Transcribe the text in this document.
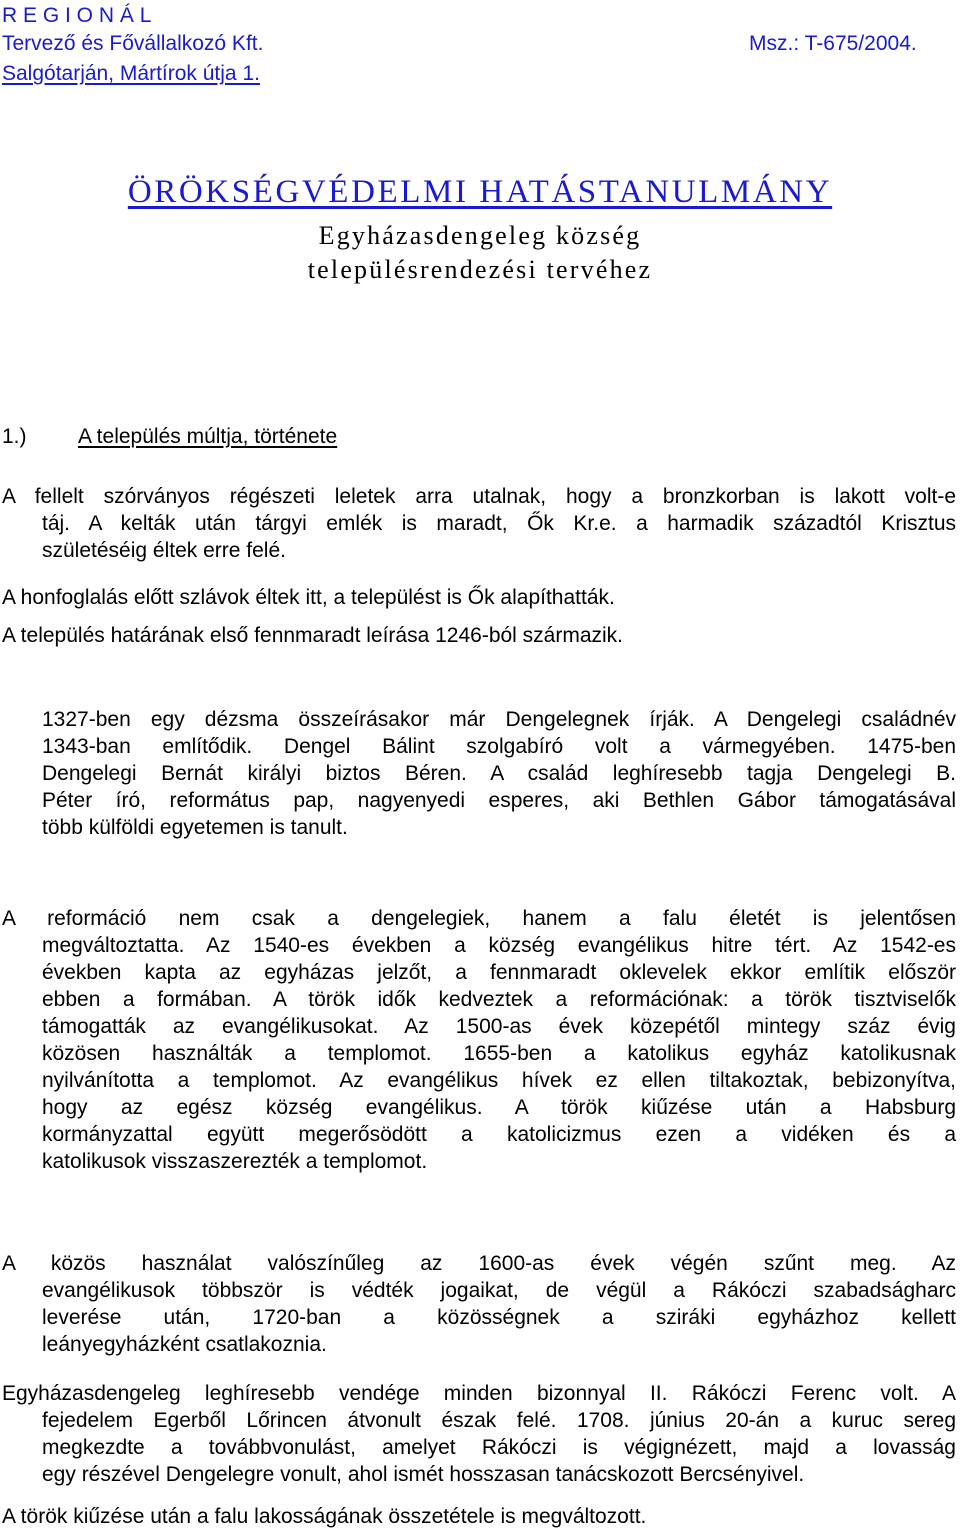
R E G I O N Á L
Tervező és Fővállalkozó Kft.	Msz.: T-675/2004.
Salgótarján, Mártírok útja 1.
ÖRÖKSÉGVÉDELMI HATÁSTANULMÁNY
Egyházasdengeleg község
településrendezési tervéhez
1.) A település múltja, története
A fellelt szórványos régészeti leletek arra utalnak, hogy a bronzkorban is lakott volt-e
táj. A kelták után tárgyi emlék is maradt, Ők Kr.e. a harmadik századtól Krisztus
születéséig éltek erre felé.
A honfoglalás előtt szlávok éltek itt, a települést is Ők alapíthatták.
A település határának első fennmaradt leírása 1246-ból származik.
1327-ben egy dézsma összeírásakor már Dengelegnek írják. A Dengelegi családnév
1343-ban említődik. Dengel Bálint szolgabíró volt a vármegyében. 1475-ben
Dengelegi Bernát királyi biztos Béren. A család leghíresebb tagja Dengelegi B.
Péter író, református pap, nagyenyedi esperes, aki Bethlen Gábor támogatásával
több külföldi egyetemen is tanult.
A reformáció nem csak a dengelegiek, hanem a falu életét is jelentősen
megváltoztatta. Az 1540-es években a község evangélikus hitre tért. Az 1542-es
években kapta az egyházas jelzőt, a fennmaradt oklevelek ekkor említik először
ebben a formában. A török idők kedveztek a reformációnak: a török tisztviselők
támogatták az evangélikusokat. Az 1500-as évek közepétől mintegy száz évig
közösen használták a templomot. 1655-ben a katolikus egyház katolikusnak
nyilvánította a templomot. Az evangélikus hívek ez ellen tiltakoztak, bebizonyítva,
hogy az egész község evangélikus. A török kiűzése után a Habsburg
kormányzattal együtt megerősödött a katolicizmus ezen a vidéken és a
katolikusok visszaszerezték a templomot.
A közös használat valószínűleg az 1600-as évek végén szűnt meg. Az
evangélikusok többször is védték jogaikat, de végül a Rákóczi szabadságharc
leverése után, 1720-ban a közösségnek a sziráki egyházhoz kellett
leányegyházként csatlakoznia.
Egyházasdengeleg leghíresebb vendége minden bizonnyal II. Rákóczi Ferenc volt. A
fejedelem Egerből Lőrincen átvonult észak felé. 1708. június 20-án a kuruc sereg
megkezdte a továbbvonulást, amelyet Rákóczi is végignézett, majd a lovasság
egy részével Dengelegre vonult, ahol ismét hosszasan tanácskozott Bercsényivel.
A török kiűzése után a falu lakosságának összetétele is megváltozott.
